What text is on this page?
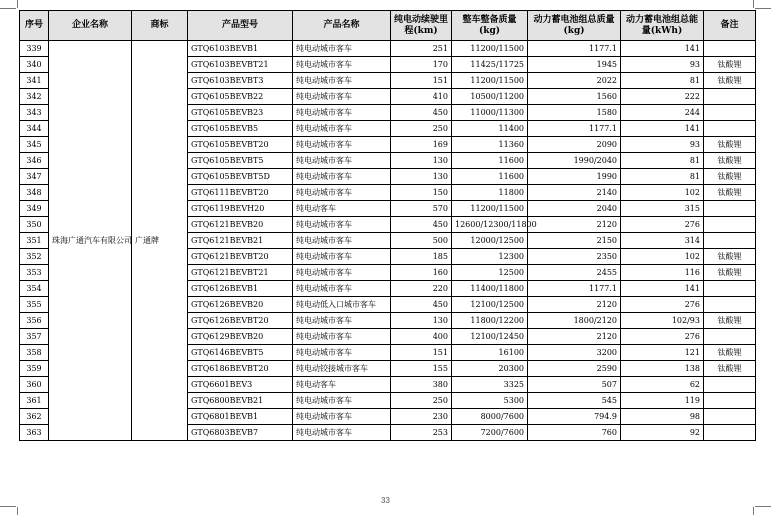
序号	企业名称	商标	产品型号	产品名称	纯电动续驶里程(km)	整车整备质量(kg)	动力蓄电池组总质量(kg)	动力蓄电池组总能量(kWh)	备注
339	珠海广通汽车有限公司	广通牌	GTQ6103BEVB1	纯电动城市客车	251	11200/11500	1177.1	141	
340			GTQ6103BEVBT21	纯电动城市客车	170	11425/11725	1945	93	钛酸锂
341			GTQ6103BEVBT3	纯电动城市客车	151	11200/11500	2022	81	钛酸锂
342			GTQ6105BEVB22	纯电动城市客车	410	10500/11200	1560	222	
343			GTQ6105BEVB23	纯电动城市客车	450	11000/11300	1580	244	
344			GTQ6105BEVB5	纯电动城市客车	250	11400	1177.1	141	
345			GTQ6105BEVBT20	纯电动城市客车	169	11360	2090	93	钛酸锂
346			GTQ6105BEVBT5	纯电动城市客车	130	11600	1990/2040	81	钛酸锂
347			GTQ6105BEVBT5D	纯电动城市客车	130	11600	1990	81	钛酸锂
348			GTQ6111BEVBT20	纯电动城市客车	150	11800	2140	102	钛酸锂
349			GTQ6119BEVH20	纯电动客车	570	11200/11500	2040	315	
350			GTQ6121BEVB20	纯电动城市客车	450	12600/12300/11800	2120	276	
351			GTQ6121BEVB21	纯电动城市客车	500	12000/12500	2150	314	
352			GTQ6121BEVBT20	纯电动城市客车	185	12300	2350	102	钛酸锂
353			GTQ6121BEVBT21	纯电动城市客车	160	12500	2455	116	钛酸锂
354			GTQ6126BEVB1	纯电动城市客车	220	11400/11800	1177.1	141	
355			GTQ6126BEVB20	纯电动低入口城市客车	450	12100/12500	2120	276	
356			GTQ6126BEVBT20	纯电动城市客车	130	11800/12200	1800/2120	102/93	钛酸锂
357			GTQ6129BEVB20	纯电动城市客车	400	12100/12450	2120	276	
358			GTQ6146BEVBT5	纯电动城市客车	151	16100	3200	121	钛酸锂
359			GTQ6186BEVBT20	纯电动铰接城市客车	155	20300	2590	138	钛酸锂
360			GTQ6601BEV3	纯电动客车	380	3325	507	62	
361			GTQ6800BEVB21	纯电动城市客车	250	5300	545	119	
362			GTQ6801BEVB1	纯电动城市客车	230	8000/7600	794.9	98	
363			GTQ6803BEVB7	纯电动城市客车	253	7200/7600	760	92	
33
